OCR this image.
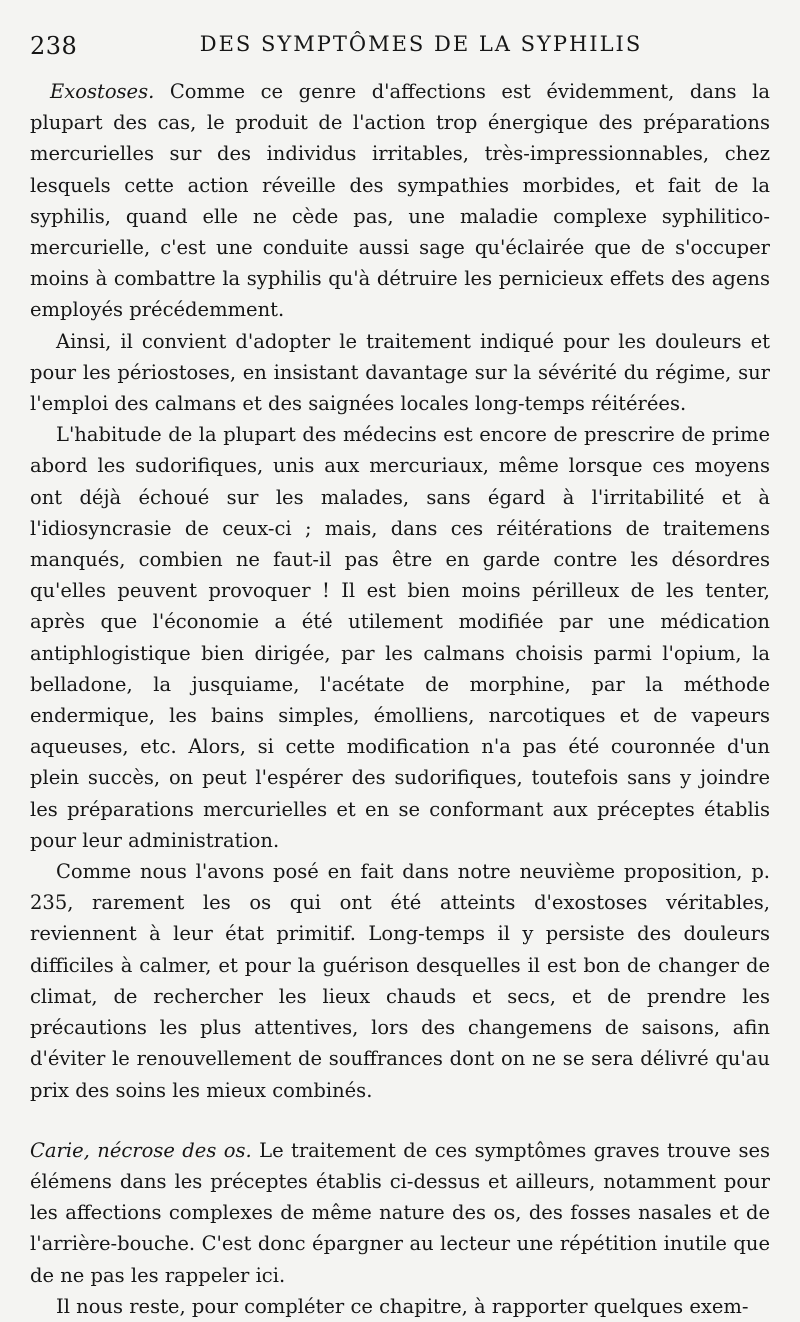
238	DES SYMPTÔMES DE LA SYPHILIS

Exostoses. Comme ce genre d'affections est évidemment, dans la plupart des cas, le produit de l'action trop énergique des préparations mercurielles sur des individus irritables, très-impressionnables, chez lesquels cette action réveille des sympathies morbides, et fait de la syphilis, quand elle ne cède pas, une maladie complexe syphilitico-mercurielle, c'est une conduite aussi sage qu'éclairée que de s'occuper moins à combattre la syphilis qu'à détruire les pernicieux effets des agens employés précédemment.

Ainsi, il convient d'adopter le traitement indiqué pour les douleurs et pour les périostoses, en insistant davantage sur la sévérité du régime, sur l'emploi des calmans et des saignées locales long-temps réitérées.

L'habitude de la plupart des médecins est encore de prescrire de prime abord les sudorifiques, unis aux mercuriaux, même lorsque ces moyens ont déjà échoué sur les malades, sans égard à l'irritabilité et à l'idiosyncrasie de ceux-ci ; mais, dans ces réitérations de traitemens manqués, combien ne faut-il pas être en garde contre les désordres qu'elles peuvent provoquer ! Il est bien moins périlleux de les tenter, après que l'économie a été utilement modifiée par une médication antiphlogistique bien dirigée, par les calmans choisis parmi l'opium, la belladone, la jusquiame, l'acétate de morphine, par la méthode endermique, les bains simples, émolliens, narcotiques et de vapeurs aqueuses, etc. Alors, si cette modification n'a pas été couronnée d'un plein succès, on peut l'espérer des sudorifiques, toutefois sans y joindre les préparations mercurielles et en se conformant aux préceptes établis pour leur administration.

Comme nous l'avons posé en fait dans notre neuvième proposition, p. 235, rarement les os qui ont été atteints d'exostoses véritables, reviennent à leur état primitif. Long-temps il y persiste des douleurs difficiles à calmer, et pour la guérison desquelles il est bon de changer de climat, de rechercher les lieux chauds et secs, et de prendre les précautions les plus attentives, lors des changemens de saisons, afin d'éviter le renouvellement de souffrances dont on ne se sera délivré qu'au prix des soins les mieux combinés.

Carie, nécrose des os. Le traitement de ces symptômes graves trouve ses élémens dans les préceptes établis ci-dessus et ailleurs, notamment pour les affections complexes de même nature des os, des fosses nasales et de l'arrière-bouche. C'est donc épargner au lecteur une répétition inutile que de ne pas les rappeler ici.

Il nous reste, pour compléter ce chapitre, à rapporter quelques exem-
